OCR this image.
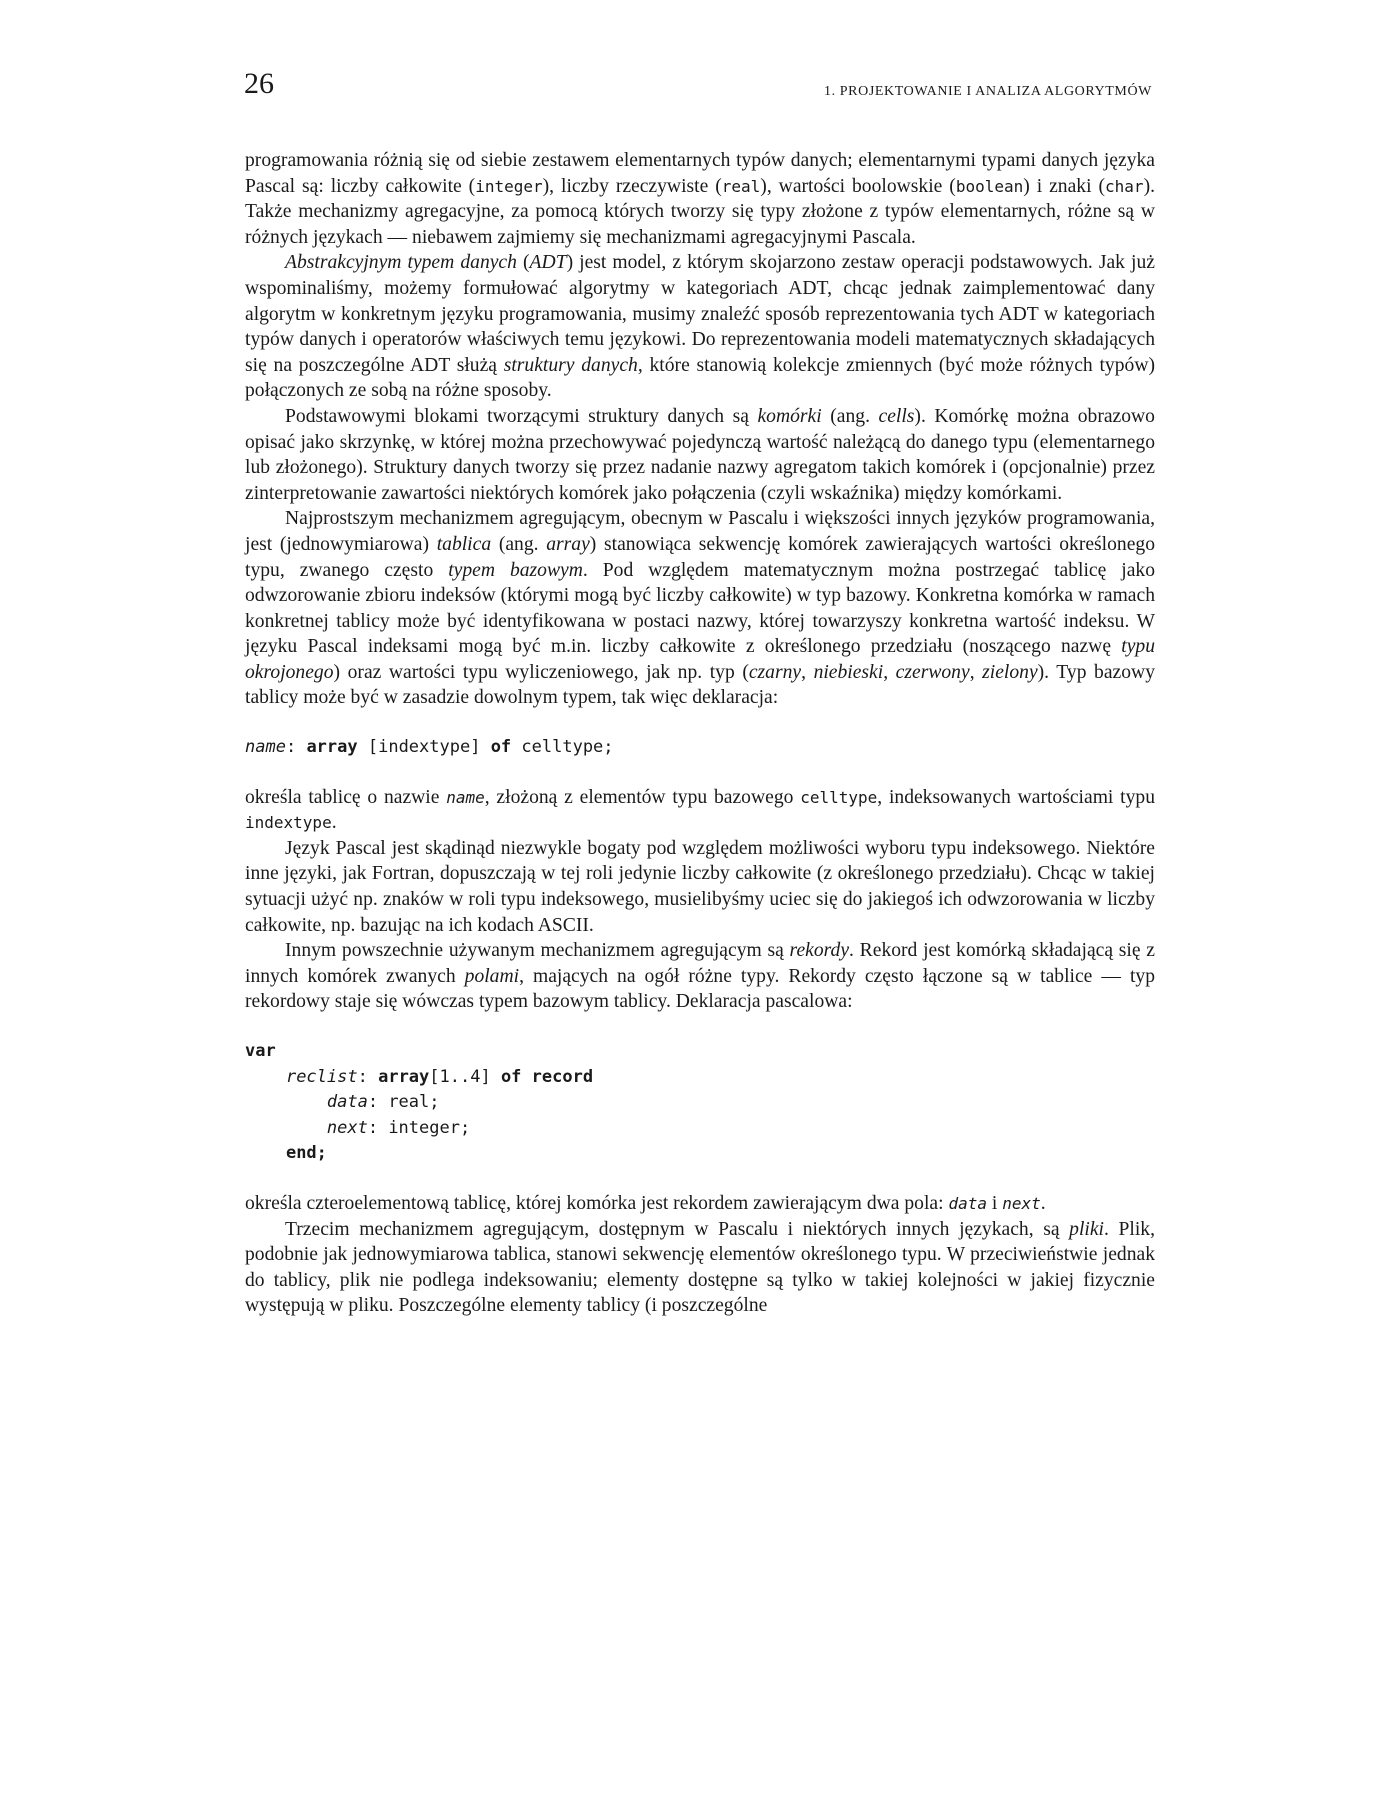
26	1. PROJEKTOWANIE I ANALIZA ALGORYTMÓW

programowania różnią się od siebie zestawem elementarnych typów danych; elementarnymi typami danych języka Pascal są: liczby całkowite (integer), liczby rzeczywiste (real), wartości boolowskie (boolean) i znaki (char). Także mechanizmy agregacyjne, za pomocą których tworzy się typy złożone z typów elementarnych, różne są w różnych językach — niebawem zajmiemy się mechanizmami agregacyjnymi Pascala.

Abstrakcyjnym typem danych (ADT) jest model, z którym skojarzono zestaw operacji podstawowych. Jak już wspominaliśmy, możemy formułować algorytmy w kategoriach ADT, chcąc jednak zaimplementować dany algorytm w konkretnym języku programowania, musimy znaleźć sposób reprezentowania tych ADT w kategoriach typów danych i operatorów właściwych temu językowi. Do reprezentowania modeli matematycznych składających się na poszczególne ADT służą struktury danych, które stanowią kolekcje zmiennych (być może różnych typów) połączonych ze sobą na różne sposoby.

Podstawowymi blokami tworzącymi struktury danych są komórki (ang. cells). Komórkę można obrazowo opisać jako skrzynkę, w której można przechowywać pojedynczą wartość należącą do danego typu (elementarnego lub złożonego). Struktury danych tworzy się przez nadanie nazwy agregatom takich komórek i (opcjonalnie) przez zinterpretowanie zawartości niektórych komórek jako połączenia (czyli wskaźnika) między komórkami.

Najprostszym mechanizmem agregującym, obecnym w Pascalu i większości innych języków programowania, jest (jednowymiarowa) tablica (ang. array) stanowiąca sekwencję komórek zawierających wartości określonego typu, zwanego często typem bazowym. Pod względem matematycznym można postrzegać tablicę jako odwzorowanie zbioru indeksów (którymi mogą być liczby całkowite) w typ bazowy. Konkretna komórka w ramach konkretnej tablicy może być identyfikowana w postaci nazwy, której towarzyszy konkretna wartość indeksu. W języku Pascal indeksami mogą być m.in. liczby całkowite z określonego przedziału (noszącego nazwę typu okrojonego) oraz wartości typu wyliczeniowego, jak np. typ (czarny, niebieski, czerwony, zielony). Typ bazowy tablicy może być w zasadzie dowolnym typem, tak więc deklaracja:

name: array [indextype] of celltype;

określa tablicę o nazwie name, złożoną z elementów typu bazowego celltype, indeksowanych wartościami typu indextype.

Język Pascal jest skądinąd niezwykle bogaty pod względem możliwości wyboru typu indeksowego. Niektóre inne języki, jak Fortran, dopuszczają w tej roli jedynie liczby całkowite (z określonego przedziału). Chcąc w takiej sytuacji użyć np. znaków w roli typu indeksowego, musielibyśmy uciec się do jakiegoś ich odwzorowania w liczby całkowite, np. bazując na ich kodach ASCII.

Innym powszechnie używanym mechanizmem agregującym są rekordy. Rekord jest komórką składającą się z innych komórek zwanych polami, mających na ogół różne typy. Rekordy często łączone są w tablice — typ rekordowy staje się wówczas typem bazowym tablicy. Deklaracja pascalowa:

var
reclist: array[1..4] of record
data: real;
next: integer;
end;

określa czteroelementową tablicę, której komórka jest rekordem zawierającym dwa pola: data i next.

Trzecim mechanizmem agregującym, dostępnym w Pascalu i niektórych innych językach, są pliki. Plik, podobnie jak jednowymiarowa tablica, stanowi sekwencję elementów określonego typu. W przeciwieństwie jednak do tablicy, plik nie podlega indeksowaniu; elementy dostępne są tylko w takiej kolejności w jakiej fizycznie występują w pliku. Poszczególne elementy tablicy (i poszczególne
